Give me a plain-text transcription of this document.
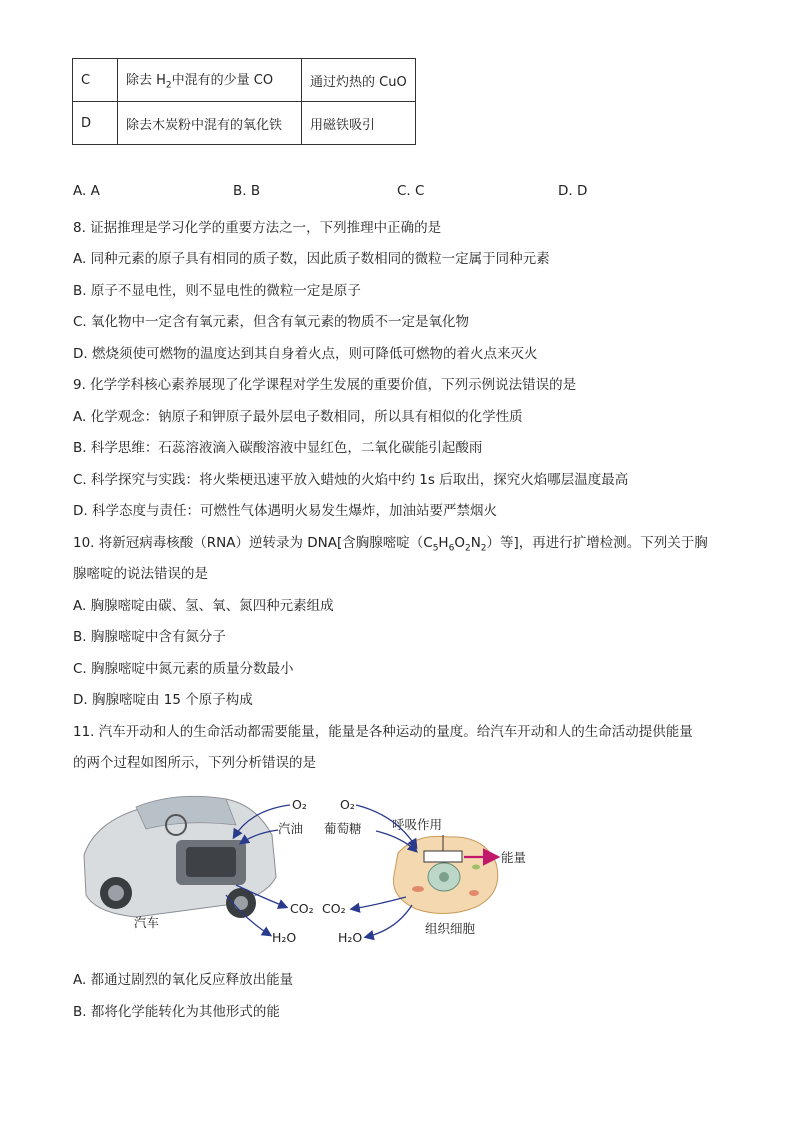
C	除去 $H_2$中混有的少量 CO	通过灼热的 CuO
D	除去木炭粉中混有的氧化铁	用磁铁吸引
A. A	B. B	C. C	D. D
8. 证据推理是学习化学的重要方法之一，下列推理中正确的是
A. 同种元素的原子具有相同的质子数，因此质子数相同的微粒一定属于同种元素
B. 原子不显电性，则不显电性的微粒一定是原子
C. 氧化物中一定含有氧元素，但含有氧元素的物质不一定是氧化物
D. 燃烧须使可燃物的温度达到其自身着火点，则可降低可燃物的着火点来灭火
9. 化学学科核心素养展现了化学课程对学生发展的重要价值，下列示例说法错误的是
A. 化学观念：钠原子和钾原子最外层电子数相同，所以具有相似的化学性质
B. 科学思维：石蕊溶液滴入碳酸溶液中显红色，二氧化碳能引起酸雨
C. 科学探究与实践：将火柴梗迅速平放入蜡烛的火焰中约 1s 后取出，探究火焰哪层温度最高
D. 科学态度与责任：可燃性气体遇明火易发生爆炸，加油站要严禁烟火
10. 将新冠病毒核酸（RNA）逆转录为 DNA[含胸腺嘧啶$(C_5H_6O_2N_2)$等]，再进行扩增检测。下列关于胸
腺嘧啶的说法错误的是
A. 胸腺嘧啶由碳、氢、氧、氮四种元素组成
B. 胸腺嘧啶中含有氮分子
C. 胸腺嘧啶中氮元素的质量分数最小
D. 胸腺嘧啶由 15 个原子构成
11. 汽车开动和人的生命活动都需要能量，能量是各种运动的量度。给汽车开动和人的生命活动提供能量
的两个过程如图所示，下列分析错误的是
汽车
O₂
汽油
CO₂
H₂O
O₂
葡萄糖 呼吸作用
能量
CO₂
H₂O
组织细胞
A. 都通过剧烈的氧化反应释放出能量
B. 都将化学能转化为其他形式的能
